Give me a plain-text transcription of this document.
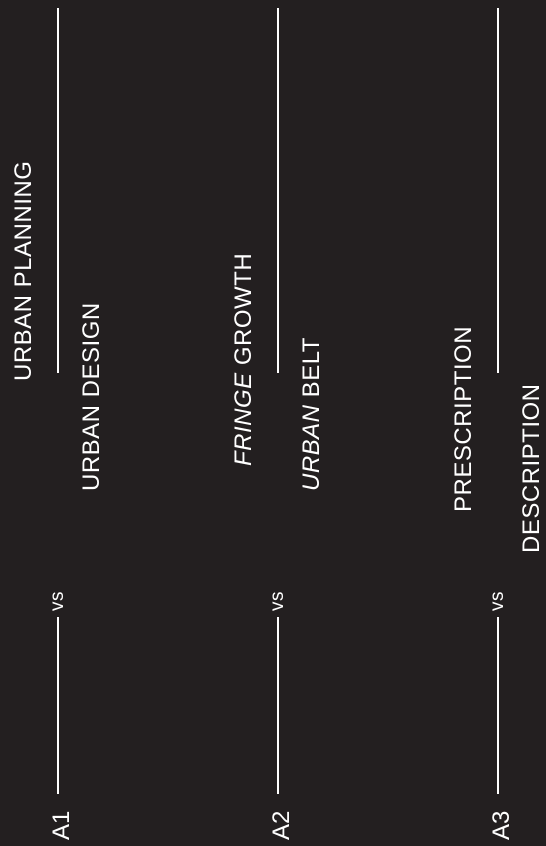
URBAN PLANNING
vs
URBAN DESIGN
A1
FRINGE GROWTH
vs
URBAN BELT
A2
PRESCRIPTION
vs
DESCRIPTION
A3
